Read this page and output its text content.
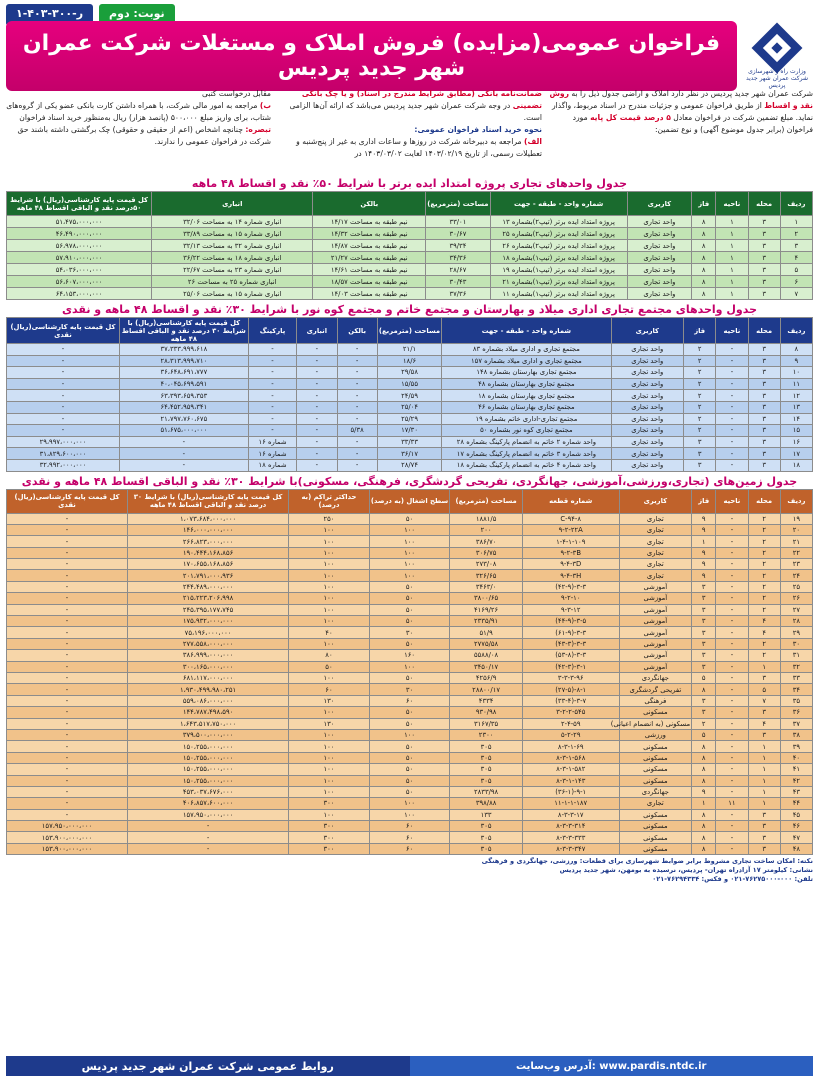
۱-۴۰۳-۳۰۰-ر	نوبت: دوم
وزارت راه و شهرسازی
شرکت عمران شهر جدید پردیس
فراخوان عمومی(مزایده) فروش املاک و مستغلات شرکت عمران شهر جدید پردیس
شرکت عمران شهر جدید پردیس در نظر دارد املاک و اراضی جدول ذیل را به روش نقد و اقساط از طریق فراخوان عمومی و جزئیات مندرج در اسناد مربوط، واگذار نماید. مبلغ تضمین شرکت در فراخوان معادل ۵ درصد قیمت کل پایه مورد فراخوان (برابر جدول موضوع آگهی) و نوع تضمین:
ضمانت‌نامه بانکی (مطابق شرایط مندرج در اسناد) و یا چک بانکی تضمینی در وجه شرکت عمران شهر جدید پردیس می‌باشد که ارائه آن‌ها الزامی است.
نحوه خرید اسناد فراخوان عمومی:
الف) مراجعه به دبیرخانه شرکت در روزها و ساعات اداری به غیر از پنج‌شنبه و تعطیلات رسمی، از تاریخ ۱۴۰۳/۰۲/۱۹ لغایت ۱۴۰۳/۰۳/۰۲ در
مقابل درخواست کتبی
ب) مراجعه به امور مالی شرکت، با همراه داشتن کارت بانکی عضو یکی از گروه‌های شتاب، برای واریز مبلغ ۵۰۰،۰۰۰ (پانصد هزار) ریال به‌منظور خرید اسناد فراخوان
تبصره: چنانچه اشخاص (اعم از حقیقی و حقوقی) چک برگشتی داشته باشند حق شرکت در فراخوان عمومی را ندارند.
جدول واحدهای تجاری پروژه امتداد ایده برتر با شرایط ۵۰٪ نقد و اقساط ۴۸ ماهه
ردیف	محله	ناحیه	فاز	کاربری	شماره واحد - طبقه - جهت	مساحت (مترمربع)	بالکن	انباری	کل قیمت پایه کارشناسی(ریال) با شرایط ۵۰درصد نقد و الباقی اقساط ۴۸ ماهه
۱	۳	۱	۸	واحد تجاری	پروژه امتداد ایده برتر (تیپ۲)بشماره ۱۳	۳۳/۰۱	نیم طبقه به مساحت ۱۴/۱۷	انباری شماره ۱۴ به مساحت ۳۲/۰۶	۵۱،۴۷۵،۰۰۰،۰۰۰
۲	۳	۱	۸	واحد تجاری	پروژه امتداد ایده برتر (تیپ۲)بشماره ۲۵	۳۰/۶۷	نیم طبقه به مساحت ۱۴/۳۲	انباری شماره ۱۵ به مساحت ۳۳/۸۹	۴۶،۴۹۰،۰۰۰،۰۰۰
۳	۳	۱	۸	واحد تجاری	پروژه امتداد ایده برتر (تیپ۲)بشماره ۲۶	۳۹/۳۴	نیم طبقه به مساحت ۱۴/۸۷	انباری شماره ۳۲ به مساحت ۳۲/۱۳	۵۶،۹۷۸،۰۰۰،۰۰۰
۴	۳	۱	۸	واحد تجاری	پروژه امتداد ایده برتر (تیپ۱)بشماره ۱۸	۳۴/۳۶	نیم طبقه به مساحت ۲۱/۲۷	انباری شماره ۱۸ به مساحت ۳۶/۲۲	۵۷،۹۱۰،۰۰۰،۰۰۰
۵	۳	۱	۸	واحد تجاری	پروژه امتداد ایده برتر (تیپ۱)بشماره ۱۹	۲۸/۶۷	نیم طبقه به مساحت ۱۴/۶۱	انباری شماره ۲۳ به مساحت ۲۲/۶۷	۵۴،۰۳۶،۰۰۰،۰۰۰
۶	۳	۱	۸	واحد تجاری	پروژه امتداد ایده برتر (تیپ۱)بشماره ۲۱	۳۰/۴۳	نیم طبقه به مساحت ۱۸/۵۷	انباری شماره ۲۵ به مساحت ۲۶	۵۶،۶۰۷،۰۰۰،۰۰۰
۷	۳	۱	۸	واحد تجاری	پروژه امتداد ایده برتر (تیپ۱)بشماره ۱۱	۳۷/۳۶	نیم طبقه به مساحت ۱۴/۰۳	انباری شماره ۱۵ به مساحت ۲۵/۰۶	۶۴،۱۵۳،۰۰۰،۰۰۰
جدول واحدهای مجتمع تجاری اداری میلاد و بهارستان و مجتمع خاتم و مجتمع کوه نور با شرایط ۳۰٪ نقد و اقساط ۴۸ ماهه و نقدی
ردیف	محله	ناحیه	فاز	کاربری	شماره واحد - طبقه - جهت	مساحت (مترمربع)	بالکن	انباری	پارکینگ	کل قیمت پایه کارشناسی(ریال) با شرایط ۳۰ درصد نقد و الباقی اقساط ۴۸ ماهه	کل قیمت پایه کارشناسی(ریال) نقدی
۸	۳	-	۲	واحد تجاری	مجتمع تجاری و اداری میلاد بشماره ۸۳	۲۱/۱	-	-	-	۳۷،۳۳۳،۹۹۹،۶۱۸	-
۹	۳	-	۲	واحد تجاری	مجتمع تجاری و اداری میلاد بشماره ۱۵۷	۱۸/۶	-	-	-	۲۸،۳۱۳،۹۹۹،۷۱۰	-
۱۰	۳	-	۲	واحد تجاری	مجتمع تجاری بهارستان بشماره ۱۴۸	۲۹/۵۸	-	-	-	۳۶،۶۴۸،۶۹۱،۷۷۷	-
۱۱	۳	-	۲	واحد تجاری	مجتمع تجاری بهارستان بشماره ۴۸	۱۵/۵۵	-	-	-	۴۰،۰۴۵،۶۹۹،۵۹۱	-
۱۲	۳	-	۲	واحد تجاری	مجتمع تجاری بهارستان بشماره ۱۸	۲۴/۵۹	-	-	-	۶۳،۳۹۳،۶۵۹،۳۵۳	-
۱۳	۳	-	۲	واحد تجاری	مجتمع تجاری بهارستان بشماره ۴۶	۲۵/۰۴	-	-	-	۶۴،۴۵۲،۹۵۹،۳۴۱	-
۱۴	۳	-	۲	واحد تجاری	مجتمع تجاری-اداری خاتم بشماره ۱۹	۲۵/۲۹	-	-	-	۲۱،۷۹۷،۷۶۰،۶۷۵	-
۱۵	۳	-	۲	واحد تجاری	مجتمع تجاری کوه نور بشماره ۵۰	۱۷/۳۰	۵/۳۸	-	-	۵۱،۶۷۵،۰۰۰،۰۰۰	-
۱۶	۳	-	۳	واحد تجاری	واحد شماره ۲ خاتم به انضمام پارکینگ بشماره ۲۸	۳۳/۳۳	-	-	شماره ۱۶	-	۲۹،۹۹۷،۰۰۰،۰۰۰
۱۷	۳	-	۳	واحد تجاری	واحد شماره ۳ خاتم به انضمام پارکینگ بشماره ۱۷	۳۶/۱۷	-	-	شماره ۱۶	-	۳۱،۸۲۹،۶۰۰،۰۰۰
۱۸	۳	-	۳	واحد تجاری	واحد شماره ۴ خاتم به انضمام پارکینگ بشماره ۱۸	۲۸/۷۴	-	-	شماره ۱۸	-	۳۲،۹۹۲،۰۰۰،۰۰۰
جدول زمین‌های (تجاری،ورزشی،آموزشی، جهانگردی، تفریحی گردشگری، فرهنگی، مسکونی)با شرایط ۳۰٪ نقد و الباقی اقساط ۴۸ ماهه و نقدی
ردیف	محله	ناحیه	فاز	کاربری	شماره قطعه	مساحت (مترمربع)	سطح اشغال (به درصد)	حداکثر تراکم (به درصد)	کل قیمت پایه کارشناسی(ریال) با شرایط ۳۰ درصد نقد و الباقی اقساط ۴۸ ماهه	کل قیمت پایه کارشناسی(ریال) نقدی
۱۹	۲	-	۹	تجاری	C-۹۴-۸	۱۸۸۱/۵	۵۰	۲۵۰	۱،۰۷۳،۶۸۴،۰۰۰،۰۰۰	-
۲۰	۲	-	۹	تجاری	۹-۲-۲۲A	۲۰۰	۱۰۰	۱۰۰	۱۴۶،۰۰۰،۰۰۰،۰۰۰	-
۲۱	۲	-	۱	تجاری	۱-۴-۱-۱۰۹	۳۸۶/۷۰	۱۰۰	۱۰۰	۲۶۶،۸۲۳،۰۰۰،۰۰۰	-
۲۲	۲	-	۹	تجاری	۹-۲-۳B	۳۰۶/۷۵	۱۰۰	۱۰۰	۱۹۰،۴۴۴،۱۶۸،۸۵۶	-
۲۳	۲	-	۹	تجاری	۹-۴-۳D	۲۷۳/۰۸	۱۰۰	۱۰۰	۱۷۰،۶۵۵،۱۶۸،۸۵۶	-
۲۴	۲	-	۹	تجاری	۹-۴-۳H	۳۲۶/۶۵	۱۰۰	۱۰۰	۲۰۱،۷۹۱،۰۰۰،۹۳۶	-
۲۵	۲	-	۳	آموزشی	۳-۳-(۴۲-۹)	۳۴۶۳/۰	۵۰	۱۰۰	۲۴۴،۴۸۹،۰۰۰،۰۰۰	-
۲۶	۲	-	۳	آموزشی	۹-۲-۱۰	۳۸۰۰/۶۵	۵۰	۱۰۰	۲۱۵،۲۲۳،۲۰۶،۹۹۸	-
۲۷	۲	-	۳	آموزشی	۹-۳-۱۲	۴۱۶۹/۲۶	۵۰	۱۰۰	۲۴۵،۳۹۵،۱۷۷،۷۴۵	-
۲۸	۴	-	۳	آموزشی	۳-۵-(۴۴-۹)	۲۳۳۵/۹۱	۵۰	۱۰۰	۱۷۵،۹۳۲،۰۰۰،۰۰۰	-
۲۹	۴	-	۳	آموزشی	۳-۳-(۶۱-۹)	۵۱/۹	۳۰	۴۰	۷۵،۱۹۶،۰۰۰،۰۰۰	-
۳۰	۲	-	۳	آموزشی	۳-۳-(۴۳-۳)	۲۷۷۵/۵۸	۵۰	۱۰۰	۲۷۷،۵۵۸،۰۰۰،۰۰۰	-
۳۱	۲	-	۳	آموزشی	۳-۳-(۵۳-۸)	۵۵۸۸/۰۸	۱۶۰	۸۰	۳۸۶،۹۹۹،۰۰۰،۰۰۰	-
۳۲	۱	-	۳	آموزشی	۳-۱-(۴۲-۳)	۳۴۵۰/۱۷	۱۰۰	۵۰	۳۰۰،۱۶۵،۰۰۰،۰۰۰	-
۳۳	۳	-	۵	جهانگردی	۳-۳-۳-۹۶	۴۲۵۶/۹	۵۰	۱۰۰	۶۸۱،۱۱۷،۰۰۰،۰۰۰	-
۳۴	۵	-	۸	تفریحی گردشگری	۸-۱-(۲۷-۵)	۲۸۸۰۰/۱۷	۳۰	۶۰	۱،۹۳۰،۴۹۹،۹۸۰،۲۵۱	-
۳۵	۷	-	۳	فرهنگی	۳-۷-(۳۳-۴)	۴۳۳۴	۶۰	۱۳۰	۵۵۹،۰۸۶،۰۰۰،۰۰۰	-
۳۶	۳	-	۳	مسکونی	۳-۲-۲-۵۴۵	۹۳۰/۹۸	۵۰	۱۰۰	۱۴۴،۷۸۷،۴۹۸،۵۹۰	-
۳۷	۴	-	۲	مسکونی (به انضمام اعیانی)	۲-۴-۵۹	۳۱۶۷/۳۵	۵۰	۱۳۰	۱،۶۴۳،۵۱۷،۷۵۰،۰۰۰	-
۳۸	۳	-	۵	ورزشی	۵-۲-۲۹	۲۳۰۰	۱۰۰	۱۰۰	۳۷۹،۵۰۰،۰۰۰،۰۰۰	-
۳۹	۱	-	۸	مسکونی	۸-۳-۱-۶۹	۳۰۵	۵۰	۱۰۰	۱۵۰،۲۵۵،۰۰۰،۰۰۰	-
۴۰	۱	-	۸	مسکونی	۸-۳-۱-۵۶۸	۳۰۵	۵۰	۱۰۰	۱۵۰،۲۵۵،۰۰۰،۰۰۰	-
۴۱	۱	-	۸	مسکونی	۸-۳-۱-۵۸۲	۳۰۵	۵۰	۱۰۰	۱۵۰،۲۵۵،۰۰۰،۰۰۰	-
۴۲	۱	-	۸	مسکونی	۸-۳-۱-۱۴۳	۳۰۵	۵۰	۱۰۰	۱۵۰،۲۵۵،۰۰۰،۰۰۰	-
۴۳	۱	-	۹	جهانگردی	۹-۱-(۳۶-۱)	۲۸۳۳/۹۸	۵۰	۱۰۰	۴۵۳،۰۳۷،۶۷۶،۰۰۰	-
۴۴	۱	۱۱	۱	تجاری	۱۱-۱-۱-۱۸۷	۳۹۸/۸۸	۱۰۰	۳۰۰	۴۰۶،۸۵۷،۶۰۰،۰۰۰	-
۴۵	۳	-	۸	مسکونی	۸-۳-۳-۱۷	۱۳۳	۱۰۰	۱۰۰	۱۵۷،۹۵۰،۰۰۰،۰۰۰	-
۴۶	۳	-	۸	مسکونی	۸-۳-۳-۳۱۴	۳۰۵	۶۰	۳۰۰	-	۱۵۷،۹۵۰،۰۰۰،۰۰۰
۴۷	۳	-	۸	مسکونی	۸-۳-۳-۳۳۳	۳۰۵	۶۰	۳۰۰	-	۱۵۳،۹۰۰،۰۰۰،۰۰۰
۴۸	۳	-	۸	مسکونی	۸-۳-۳-۳۴۷	۳۰۵	۶۰	۳۰۰	-	۱۵۳،۹۰۰،۰۰۰،۰۰۰
نکته: امکان ساخت تجاری مشروط برابر ضوابط شهرسازی برای قطعات: ورزشی، جهانگردی و فرهنگی
نشانی: کیلومتر ۱۷ آزادراه تهران- پردیس، نرسیده به بومهن، شهر جدید پردیس
تلفن: ۰۰۰-۷۶۲۷۵۰۰۰-۰۲۱ و فکس: ۷۶۲۹۴۳۳۴-۰۲۱
روابط عمومی شرکت عمران شهر جدید پردیس	آدرس وب‌سایت: www.pardis.ntdc.ir
